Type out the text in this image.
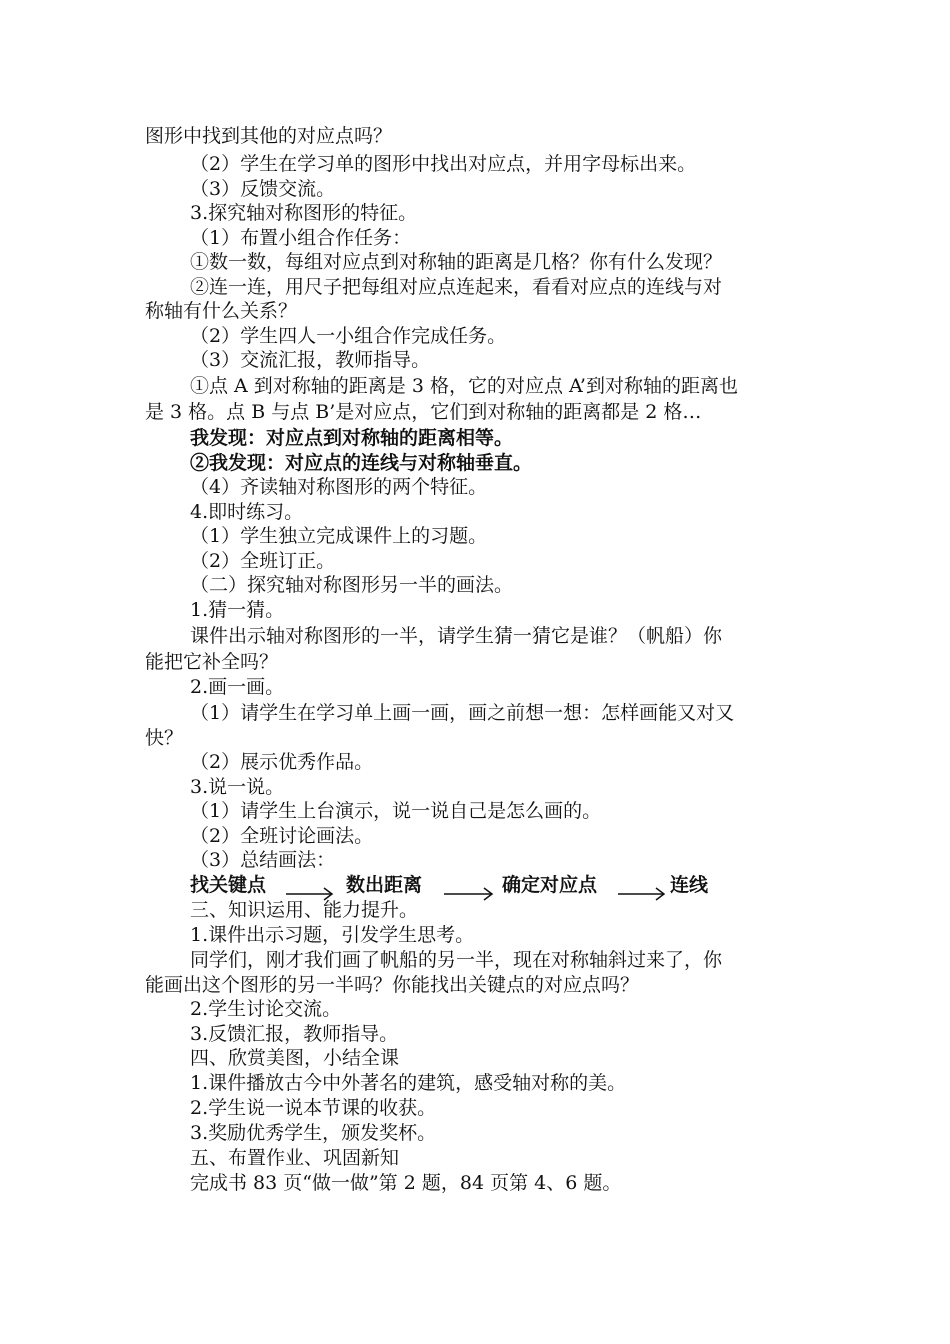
图形中找到其他的对应点吗？
（2）学生在学习单的图形中找出对应点，并用字母标出来。
（3）反馈交流。
3.探究轴对称图形的特征。
（1）布置小组合作任务：
①数一数，每组对应点到对称轴的距离是几格？你有什么发现？
②连一连，用尺子把每组对应点连起来，看看对应点的连线与对
称轴有什么关系？
（2）学生四人一小组合作完成任务。
（3）交流汇报，教师指导。
①点 A 到对称轴的距离是 3 格，它的对应点 A’到对称轴的距离也
是 3 格。点 B 与点 B’是对应点，它们到对称轴的距离都是 2 格…
我发现：对应点到对称轴的距离相等。
②我发现：对应点的连线与对称轴垂直。
（4）齐读轴对称图形的两个特征。
4.即时练习。
（1）学生独立完成课件上的习题。
（2）全班订正。
（二）探究轴对称图形另一半的画法。
1.猜一猜。
课件出示轴对称图形的一半，请学生猜一猜它是谁？（帆船）你
能把它补全吗？
2.画一画。
（1）请学生在学习单上画一画，画之前想一想：怎样画能又对又
快？
（2）展示优秀作品。
3.说一说。
（1）请学生上台演示，说一说自己是怎么画的。
（2）全班讨论画法。
（3）总结画法：
找关键点	数出距离	确定对应点	连线
三、知识运用、能力提升。
1.课件出示习题，引发学生思考。
同学们，刚才我们画了帆船的另一半，现在对称轴斜过来了，你
能画出这个图形的另一半吗？你能找出关键点的对应点吗？
2.学生讨论交流。
3.反馈汇报，教师指导。
四、欣赏美图，小结全课
1.课件播放古今中外著名的建筑，感受轴对称的美。
2.学生说一说本节课的收获。
3.奖励优秀学生，颁发奖杯。
五、布置作业、巩固新知
完成书 83 页“做一做”第 2 题，84 页第 4、6 题。
